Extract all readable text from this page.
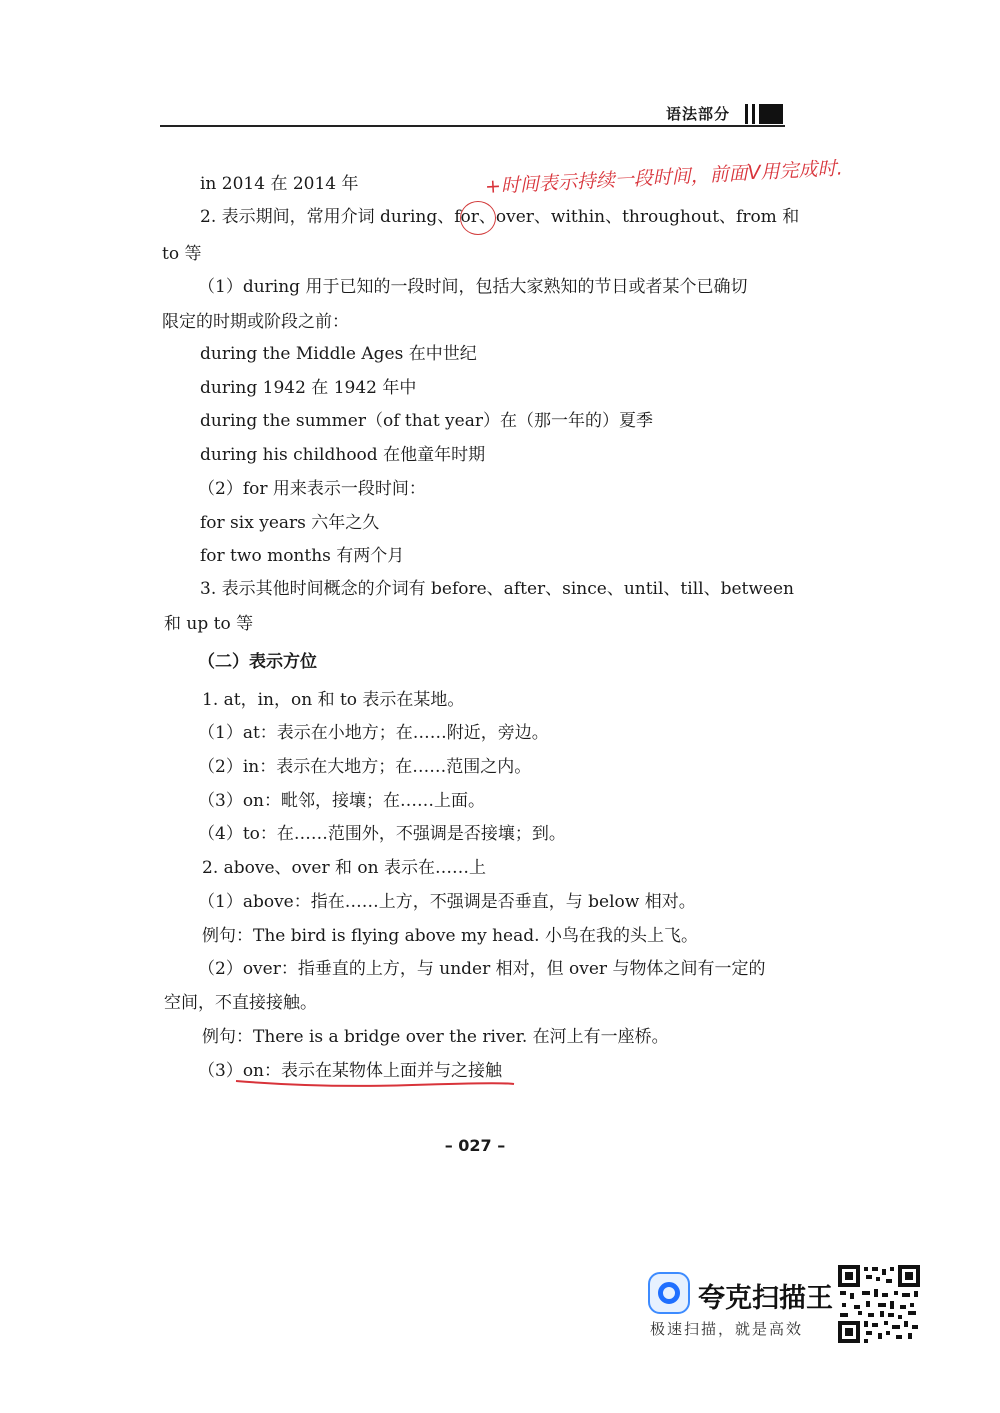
语法部分
in 2014 在 2014 年
2. 表示期间，常用介词 during、for、over、within、throughout、from 和
to 等
（1）during 用于已知的一段时间，包括大家熟知的节日或者某个已确切
限定的时期或阶段之前：
during the Middle Ages 在中世纪
during 1942 在 1942 年中
during the summer（of that year）在（那一年的）夏季
during his childhood 在他童年时期
（2）for 用来表示一段时间：
for six years 六年之久
for two months 有两个月
3. 表示其他时间概念的介词有 before、after、since、until、till、between
和 up to 等
（二）表示方位
1. at，in，on 和 to 表示在某地。
（1）at：表示在小地方；在……附近，旁边。
（2）in：表示在大地方；在……范围之内。
（3）on：毗邻，接壤；在……上面。
（4）to：在……范围外，不强调是否接壤；到。
2. above、over 和 on 表示在……上
（1）above：指在……上方，不强调是否垂直，与 below 相对。
例句：The bird is flying above my head. 小鸟在我的头上飞。
（2）over：指垂直的上方，与 under 相对，但 over 与物体之间有一定的
空间，不直接接触。
例句：There is a bridge over the river. 在河上有一座桥。
（3）on：表示在某物体上面并与之接触
+时间表示持续一段时间，前面V用完成时.
– 027 –
夸克扫描王
极速扫描，就是高效
